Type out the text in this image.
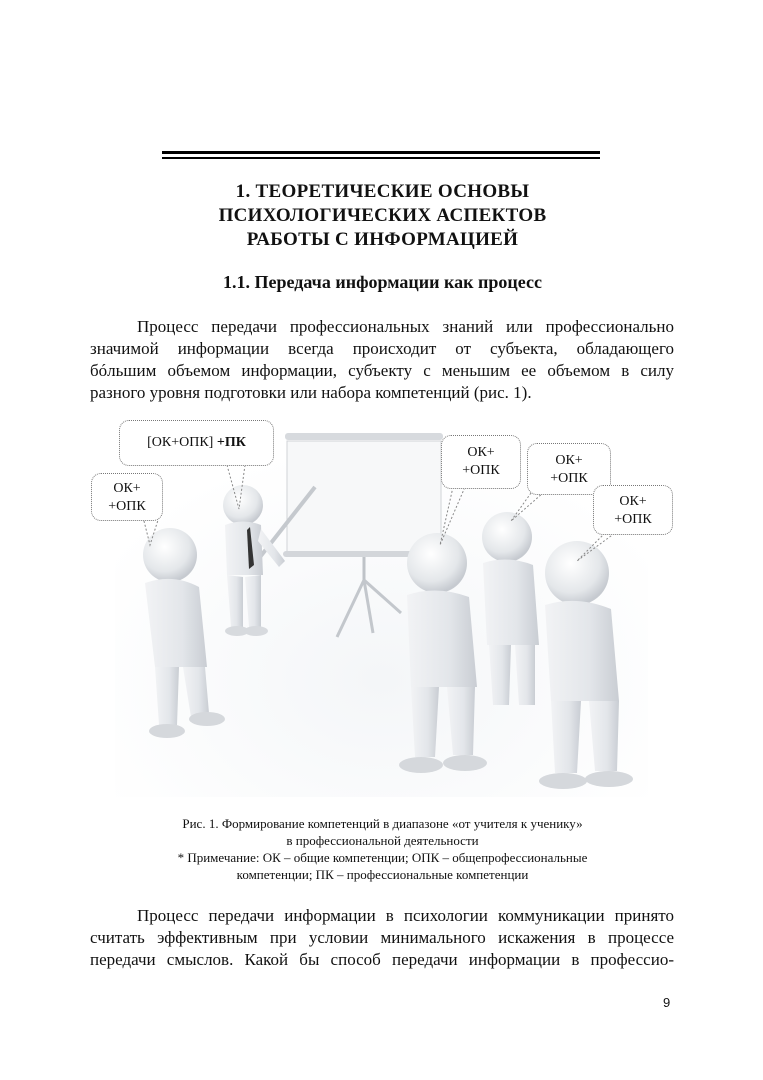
1. ТЕОРЕТИЧЕСКИЕ ОСНОВЫ
ПСИХОЛОГИЧЕСКИХ АСПЕКТОВ
РАБОТЫ С ИНФОРМАЦИЕЙ
1.1. Передача информации как процесс
Процесс передачи профессиональных знаний или профессионально
значимой информации всегда происходит от субъекта, обладающего
бóльшим объемом информации, субъекту с меньшим ее объемом в силу
разного уровня подготовки или набора компетенций (рис. 1).
[ОК+ОПК] +ПК
ОК+
+ОПК
ОК+
+ОПК
ОК+
+ОПК
ОК+
+ОПК
Рис. 1. Формирование компетенций в диапазоне «от учителя к ученику»
в профессиональной деятельности
* Примечание: ОК – общие компетенции; ОПК – общепрофессиональные
компетенции; ПК – профессиональные компетенции
Процесс передачи информации в психологии коммуникации принято
считать эффективным при условии минимального искажения в процессе
передачи смыслов. Какой бы способ передачи информации в профессио-
9
